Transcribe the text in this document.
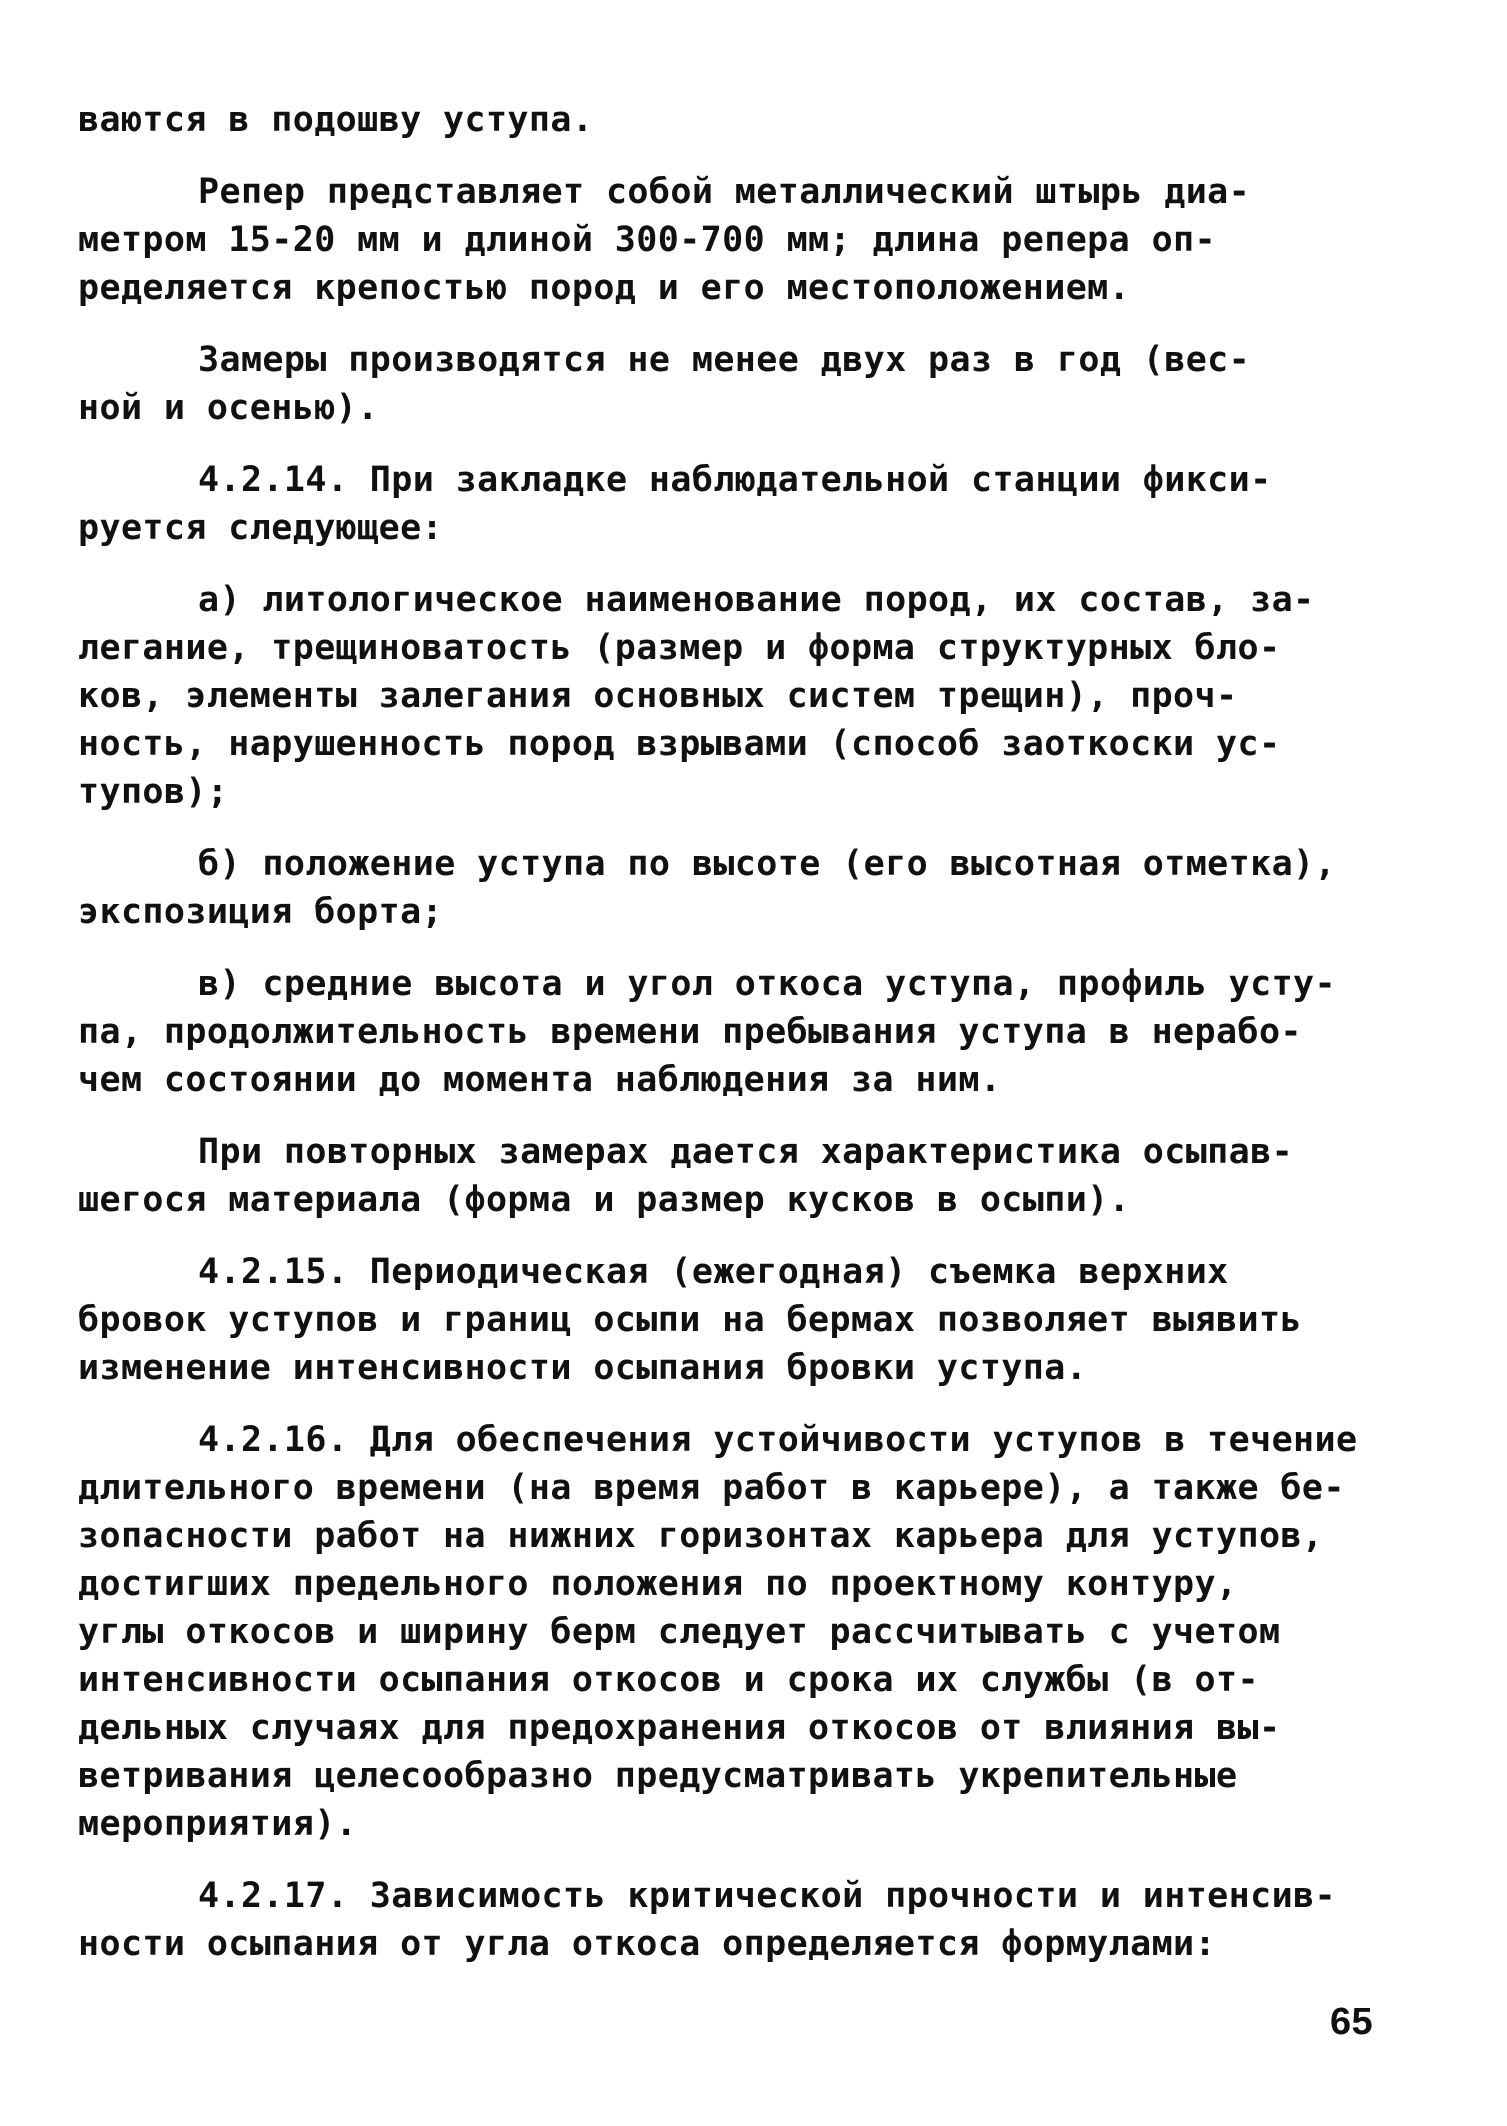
ваются в подошву уступа.
Репер представляет собой металлический штырь диа-
метром 15-20 мм и длиной 300-700 мм; длина репера оп-
ределяется крепостью пород и его местоположением.
Замеры производятся не менее двух раз в год (вес-
ной и осенью).
4.2.14. При закладке наблюдательной станции фикси-
руется следующее:
а) литологическое наименование пород, их состав, за-
легание, трещиноватость (размер и форма структурных бло-
ков, элементы залегания основных систем трещин), проч-
ность, нарушенность пород взрывами (способ заоткоски ус-
тупов);
б) положение уступа по высоте (его высотная отметка),
экспозиция борта;
в) средние высота и угол откоса уступа, профиль усту-
па, продолжительность времени пребывания уступа в нерабо-
чем состоянии до момента наблюдения за ним.
При повторных замерах дается характеристика осыпав-
шегося материала (форма и размер кусков в осыпи).
4.2.15. Периодическая (ежегодная) съемка верхних
бровок уступов и границ осыпи на бермах позволяет выявить
изменение интенсивности осыпания бровки уступа.
4.2.16. Для обеспечения устойчивости уступов в течение
длительного времени (на время работ в карьере), а также бе-
зопасности работ на нижних горизонтах карьера для уступов,
достигших предельного положения по проектному контуру,
углы откосов и ширину берм следует рассчитывать с учетом
интенсивности осыпания откосов и срока их службы (в от-
дельных случаях для предохранения откосов от влияния вы-
ветривания целесообразно предусматривать укрепительные
мероприятия).
4.2.17. Зависимость критической прочности и интенсив-
ности осыпания от угла откоса определяется формулами:
65
